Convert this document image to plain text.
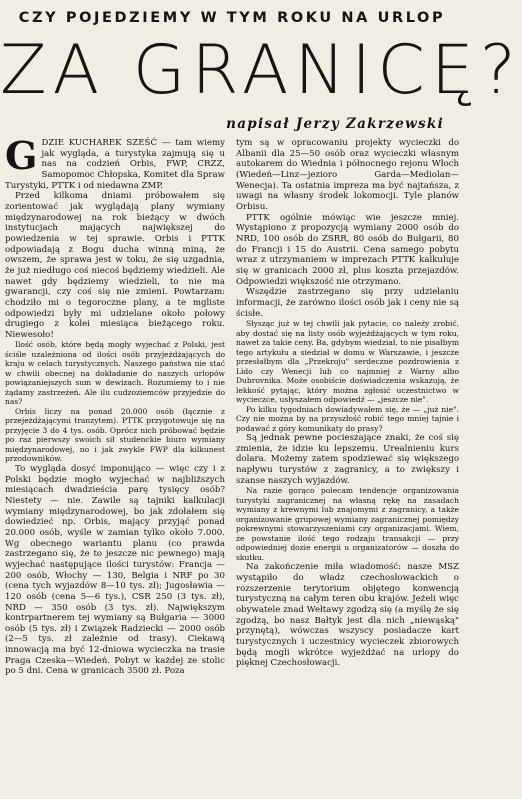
CZY POJEDZIEMY W TYM ROKU NA URLOP
ZA GRANICĘ?
napisał Jerzy Zakrzewski

GDZIE KUCHAREK SZEŚĆ — tam wiemy jak wygląda, a turystyka zajmują się u nas na codzień Orbis, FWP, CRZZ, Samopomoc Chłopska, Komitet dla Spraw Turystyki, PTTK i od niedawna ZMP.

Przed kilkoma dniami próbowałem się zorientować jak wyglądają plany wymiany międzynarodowej na rok bieżący w dwóch instytucjach mających największej do powiedzenia w tej sprawie. Orbis i PTTK odpowiadają z Bogu ducha winną miną, że owszem, że sprawa jest w toku, że się uzgadnia, że już niedługo coś niecoś będziemy wiedzieli. Ale nawet gdy będziemy wiedzieli, to nie ma gwarancji, czy coś się nie zmieni. Powtarzam: chodziło mi o tegoroczne plany, a te mgliste odpowiedzi były mi udzielane około połowy drugiego z kolei miesiąca bieżącego roku. Niewesoło!

Ilość osób, które będą mogły wyjechać z Polski, jest ściśle uzależniona od ilości osób przyjeżdżających do kraju w celach turystycznych. Naszego państwa nie stać w chwili obecnej na dokładanie do naszych urlopów powiązaniejszych sum w dewizach. Rozumiemy to i nie żądamy zastrzeżeń. Ale ilu cudzoziemców przyjedzie do nas?

Orbis liczy na ponad 20.000 osób (łącznie z przejeżdżającymi tranzytem). PTTK przygotowuje się na przyjęcie 3 do 4 tys. osób. Oprócz nich próbować będzie po raz pierwszy swoich sił studenckie biuro wymiany międzynarodowej, no i jak zwykle FWP dla kilkunest przodowników.

To wygląda dosyć imponująco — więc czy i z Polski będzie mogło wyjechać w najbliższych miesiącach dwadzieścia parę tysięcy osób? Niestety — nie. Zawile są tajniki kalkulacji wymiany międzynarodowej, bo jak zdołałem się dowiedzieć np. Orbis, mający przyjąć ponad 20.000 osób, wyśle w zamian tylko około 7.000. Wg obecnego wariantu planu (co prawda zastrzegano się, że to jeszcze nic pewnego) mają wyjechać następujące ilości turystów: Francja — 200 osób, Włochy — 130, Belgia i NRF po 30 (cena tych wyjazdów 8—10 tys. zł); Jugosławia — 120 osób (cena 5—6 tys.), CSR 250 (3 tys. zł), NRD — 350 osób (3 tys. zł). Największym kontrpartnerem tej wymiany są Bułgaria — 3000 osób (5 tys. zł) i Związek Radziecki — 2000 osób (2—5 tys. zł zależnie od trasy). Ciekawą innowacją ma być 12-dniowa wycieczka na trasie Praga Czeska—Wiedeń. Pobyt w każdej ze stolic po 5 dni. Cena w granicach 3500 zł. Poza

tym są w opracowaniu projekty wycieczki do Albanii dla 25—50 osób oraz wycieczki własnym autokarem do Wiednia i północnego rejonu Włoch (Wiedeń—Linz—jezioro Garda—Mediolan—Wenecja). Ta ostatnia impreza ma być najtańsza, z uwagi na własny środek lokomocji. Tyle planów Orbisu.

PTTK ogólnie mówiąc wie jeszcze mniej. Wystąpiono z propozycją wymiany 2000 osób do NRD, 100 osób do ZSRR, 80 osób do Bułgarii, 80 do Francji i 15 do Austrii. Cena samego pobytu wraz z utrzymaniem w imprezach PTTK kalkuluje się w granicach 2000 zł, plus koszta przejazdów. Odpowiedzi większość nie otrzymano.

Wszędzie zastrzegano się przy udzielaniu informacji, że zarówno ilości osób jak i ceny nie są ścisłe.

Słysząc już w tej chwili jak pytacie, co należy zrobić, aby dostać się na listy osób wyjeżdżających w tym roku, nawet za takie ceny. Ba, gdybym wiedział, to nie pisałbym tego artykułu a siedział w domu w Warszawie, i jeszcze przesłałbym dla „Przekroju" serdeczne pozdrowienia z Lido czy Wenecji lub co najmniej z Warny albo Dubrovnika. Może osobiście doświadczenia wskazują, że lekkość pytając, który można zgłosić uczestnictwo w wycieczce, usłyszałem odpowiedź — „jeszcze nie".

Po kilku tygodniach dowiadywałem się, że — „już nie". Czy nie można by na przyszłość robić tego mniej tajnie i podawać z góry komunikaty do prasy?

Są jednak pewne pocieszające znaki, że coś się zmienia, że idzie ku lepszemu. Urealnieniu kurs dolara. Możemy zatem spodziewać się większego napływu turystów z zagranicy, a to zwiększy i szanse naszych wyjazdów.

Na razie gorąco polecam tendencje organizowania turystyki zagranicznej na własną rękę na zasadach wymiany z krewnymi lub znajomymi z zagranicy, a także organizowanie grupowej wymiany zagranicznej pomiędzy pokrewnymi stowarzyszeniami czy organizacjami. Wiem, że powstanie ilość tego rodzaju transakcji — przy odpowiedniej dozie energii u organizatorów — doszła do skutku.

Na zakończenie miła wiadomość: nasze MSZ wystąpiło do władz czechosłowackich o rozszerzenie terytorium objętego konwencją turystyczną na całym teren obu krajów. Jeżeli więc obywatele znad Wełtawy zgodzą się (a myślę że się zgodzą, bo nasz Bałtyk jest dla nich „niewąską" przynętą), wówczas wszyscy posiadacze kart turystycznych i uczestnicy wycieczek zbiorowych będą mogli wkrótce wyjeżdżać na urlopy do pięknej Czechosłowacji.
